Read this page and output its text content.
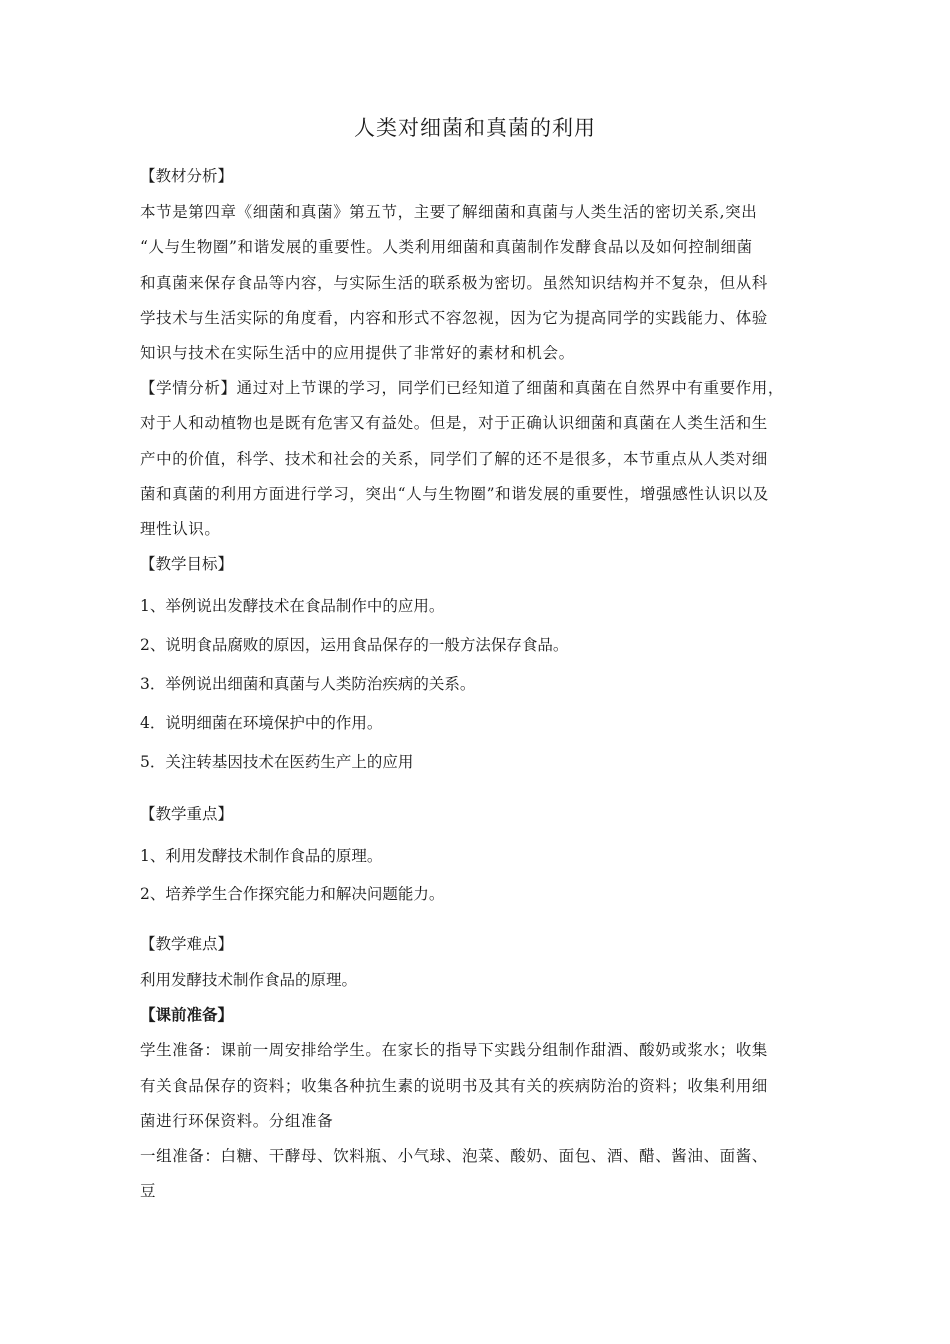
人类对细菌和真菌的利用
【教材分析】
本节是第四章《细菌和真菌》第五节，主要了解细菌和真菌与人类生活的密切关系,突出
“人与生物圈”和谐发展的重要性。人类利用细菌和真菌制作发酵食品以及如何控制细菌
和真菌来保存食品等内容，与实际生活的联系极为密切。虽然知识结构并不复杂，但从科
学技术与生活实际的角度看，内容和形式不容忽视，因为它为提高同学的实践能力、体验
知识与技术在实际生活中的应用提供了非常好的素材和机会。
【学情分析】通过对上节课的学习，同学们已经知道了细菌和真菌在自然界中有重要作用，
对于人和动植物也是既有危害又有益处。但是，对于正确认识细菌和真菌在人类生活和生
产中的价值，科学、技术和社会的关系，同学们了解的还不是很多，本节重点从人类对细
菌和真菌的利用方面进行学习，突出“人与生物圈”和谐发展的重要性，增强感性认识以及
理性认识。
【教学目标】
1、举例说出发酵技术在食品制作中的应用。
2、说明食品腐败的原因，运用食品保存的一般方法保存食品。
3．举例说出细菌和真菌与人类防治疾病的关系。
4．说明细菌在环境保护中的作用。
5．关注转基因技术在医药生产上的应用
【教学重点】
1、利用发酵技术制作食品的原理。
2、培养学生合作探究能力和解决问题能力。
【教学难点】
利用发酵技术制作食品的原理。
【课前准备】
学生准备：课前一周安排给学生。在家长的指导下实践分组制作甜酒、酸奶或浆水；收集
有关食品保存的资料；收集各种抗生素的说明书及其有关的疾病防治的资料；收集利用细
菌进行环保资料。分组准备
一组准备：白糖、干酵母、饮料瓶、小气球、泡菜、酸奶、面包、酒、醋、酱油、面酱、
豆
